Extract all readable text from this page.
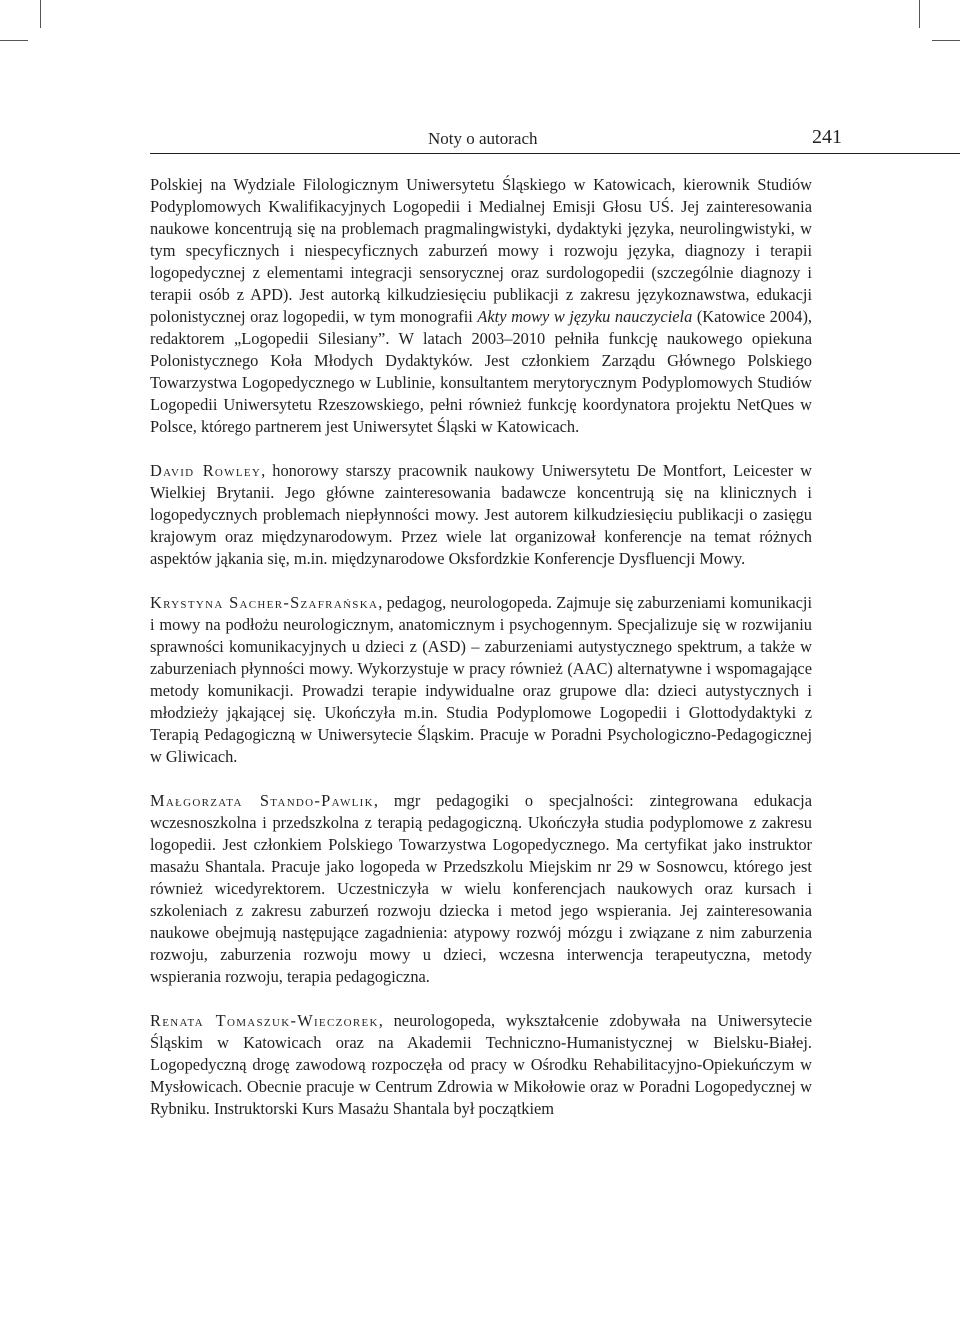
Noty o autorach	241

Polskiej na Wydziale Filologicznym Uniwersytetu Śląskiego w Katowicach, kierownik Studiów Podyplomowych Kwalifikacyjnych Logopedii i Medialnej Emisji Głosu UŚ. Jej zainteresowania naukowe koncentrują się na problemach pragmalingwistyki, dydaktyki języka, neurolingwistyki, w tym specyficznych i niespecyficznych zaburzeń mowy i rozwoju języka, diagnozy i terapii logopedycznej z elementami integracji sensorycznej oraz surdologopedii (szczególnie diagnozy i terapii osób z APD). Jest autorką kilkudziesięciu publikacji z zakresu językoznawstwa, edukacji polonistycznej oraz logopedii, w tym monografii Akty mowy w języku nauczyciela (Katowice 2004), redaktorem „Logopedii Silesiany”. W latach 2003–2010 pełniła funkcję naukowego opiekuna Polonistycznego Koła Młodych Dydaktyków. Jest członkiem Zarządu Głównego Polskiego Towarzystwa Logopedycznego w Lublinie, konsultantem merytorycznym Podyplomowych Studiów Logopedii Uniwersytetu Rzeszowskiego, pełni również funkcję koordynatora projektu NetQues w Polsce, którego partnerem jest Uniwersytet Śląski w Katowicach.

David Rowley, honorowy starszy pracownik naukowy Uniwersytetu De Montfort, Leicester w Wielkiej Brytanii. Jego główne zainteresowania badawcze koncentrują się na klinicznych i logopedycznych problemach niepłynności mowy. Jest autorem kilkudziesięciu publikacji o zasięgu krajowym oraz międzynarodowym. Przez wiele lat organizował konferencje na temat różnych aspektów jąkania się, m.in. międzynarodowe Oksfordzkie Konferencje Dysfluencji Mowy.

Krystyna Sacher-Szafrańska, pedagog, neurologopeda. Zajmuje się zaburzeniami komunikacji i mowy na podłożu neurologicznym, anatomicznym i psychogennym. Specjalizuje się w rozwijaniu sprawności komunikacyjnych u dzieci z (ASD) – zaburzeniami autystycznego spektrum, a także w zaburzeniach płynności mowy. Wykorzystuje w pracy również (AAC) alternatywne i wspomagające metody komunikacji. Prowadzi terapie indywidualne oraz grupowe dla: dzieci autystycznych i młodzieży jąkającej się. Ukończyła m.in. Studia Podyplomowe Logopedii i Glottodydaktyki z Terapią Pedagogiczną w Uniwersytecie Śląskim. Pracuje w Poradni Psychologiczno-Pedagogicznej w Gliwicach.

Małgorzata Stando-Pawlik, mgr pedagogiki o specjalności: zintegrowana edukacja wczesnoszkolna i przedszkolna z terapią pedagogiczną. Ukończyła studia podyplomowe z zakresu logopedii. Jest członkiem Polskiego Towarzystwa Logopedycznego. Ma certyfikat jako instruktor masażu Shantala. Pracuje jako logopeda w Przedszkolu Miejskim nr 29 w Sosnowcu, którego jest również wicedyrektorem. Uczestniczyła w wielu konferencjach naukowych oraz kursach i szkoleniach z zakresu zaburzeń rozwoju dziecka i metod jego wspierania. Jej zainteresowania naukowe obejmują następujące zagadnienia: atypowy rozwój mózgu i związane z nim zaburzenia rozwoju, zaburzenia rozwoju mowy u dzieci, wczesna interwencja terapeutyczna, metody wspierania rozwoju, terapia pedagogiczna.

Renata Tomaszuk-Wieczorek, neurologopeda, wykształcenie zdobywała na Uniwersytecie Śląskim w Katowicach oraz na Akademii Techniczno-Humanistycznej w Bielsku-Białej. Logopedyczną drogę zawodową rozpoczęła od pracy w Ośrodku Rehabilitacyjno-Opiekuńczym w Mysłowicach. Obecnie pracuje w Centrum Zdrowia w Mikołowie oraz w Poradni Logopedycznej w Rybniku. Instruktorski Kurs Masażu Shantala był początkiem
